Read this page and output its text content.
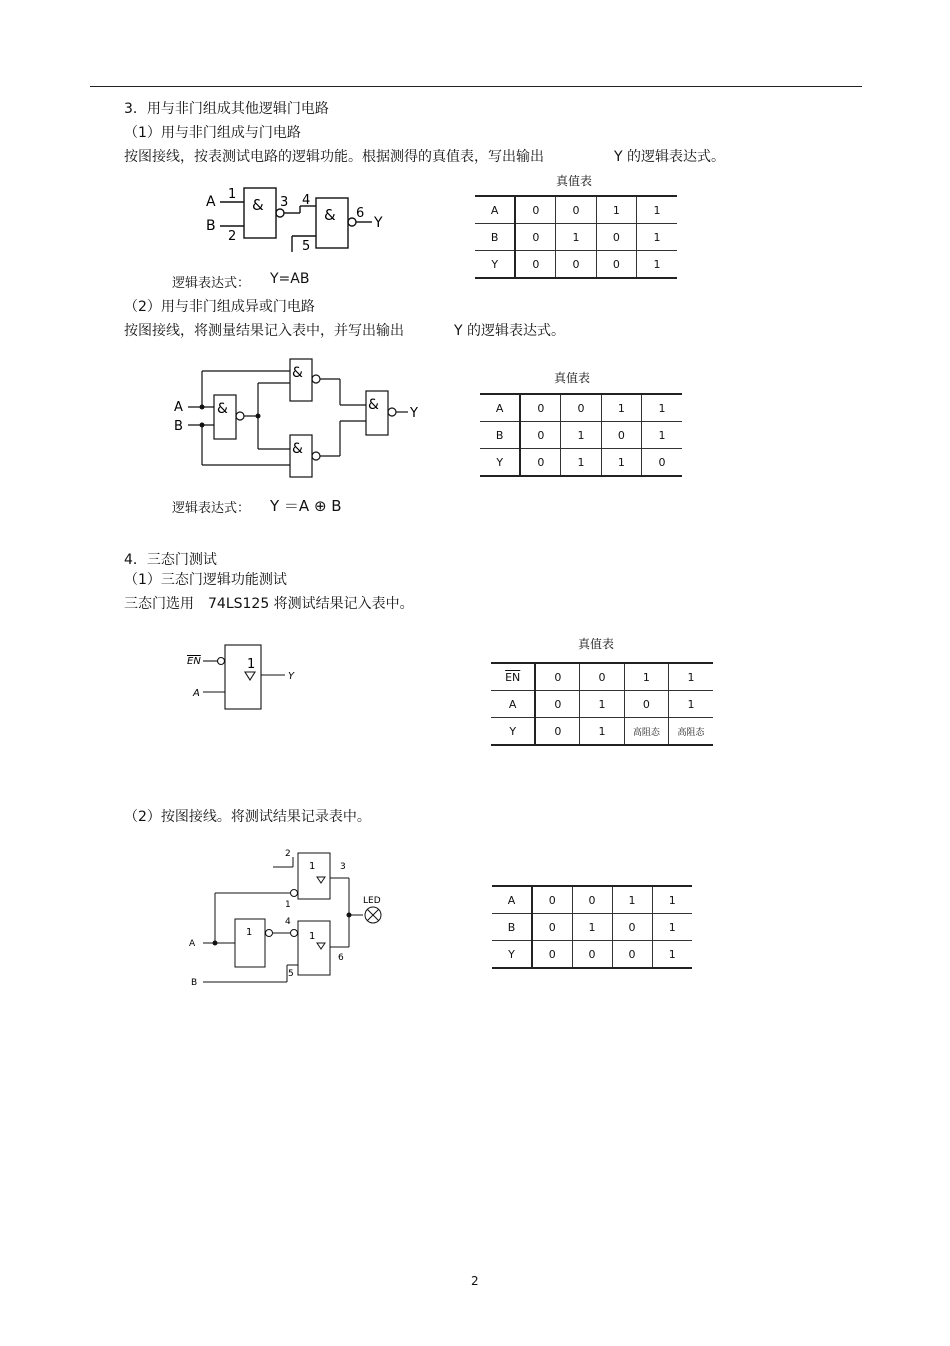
3．用与非门组成其他逻辑门电路
（1）用与非门组成与门电路
按图接线，按表测试电路的逻辑功能。根据测得的真值表，写出输出	Y 的逻辑表达式。
A
B
1
2
3 4
5
6
&
&	Y
真值表
A	0	0	1	1
B	0	1	0	1
Y	0	0	0	1
逻辑表达式： Y=AB
（2）用与非门组成异或门电路
按图接线，将测量结果记入表中，并写出输出	Y 的逻辑表达式。
A
B
&
&
&
&
Y
真值表
A	0	0	1	1
B	0	1	0	1
Y	0	1	1	0
逻辑表达式： Y ＝A ⊕ B
4．三态门测试
（1）三态门逻辑功能测试
三态门选用　74LS125 将测试结果记入表中。
EN
A
1
Y
真值表
$\overline{EN}$	0	0	1	1
A	0	1	0	1
Y	0	1	高阻态	高阻态
（2）按图接线。将测试结果记录表中。
LED
A
B
2
3
1
4
5
6
1
1	1
A	0	0	1	1
B	0	1	0	1
Y	0	0	0	1
2
